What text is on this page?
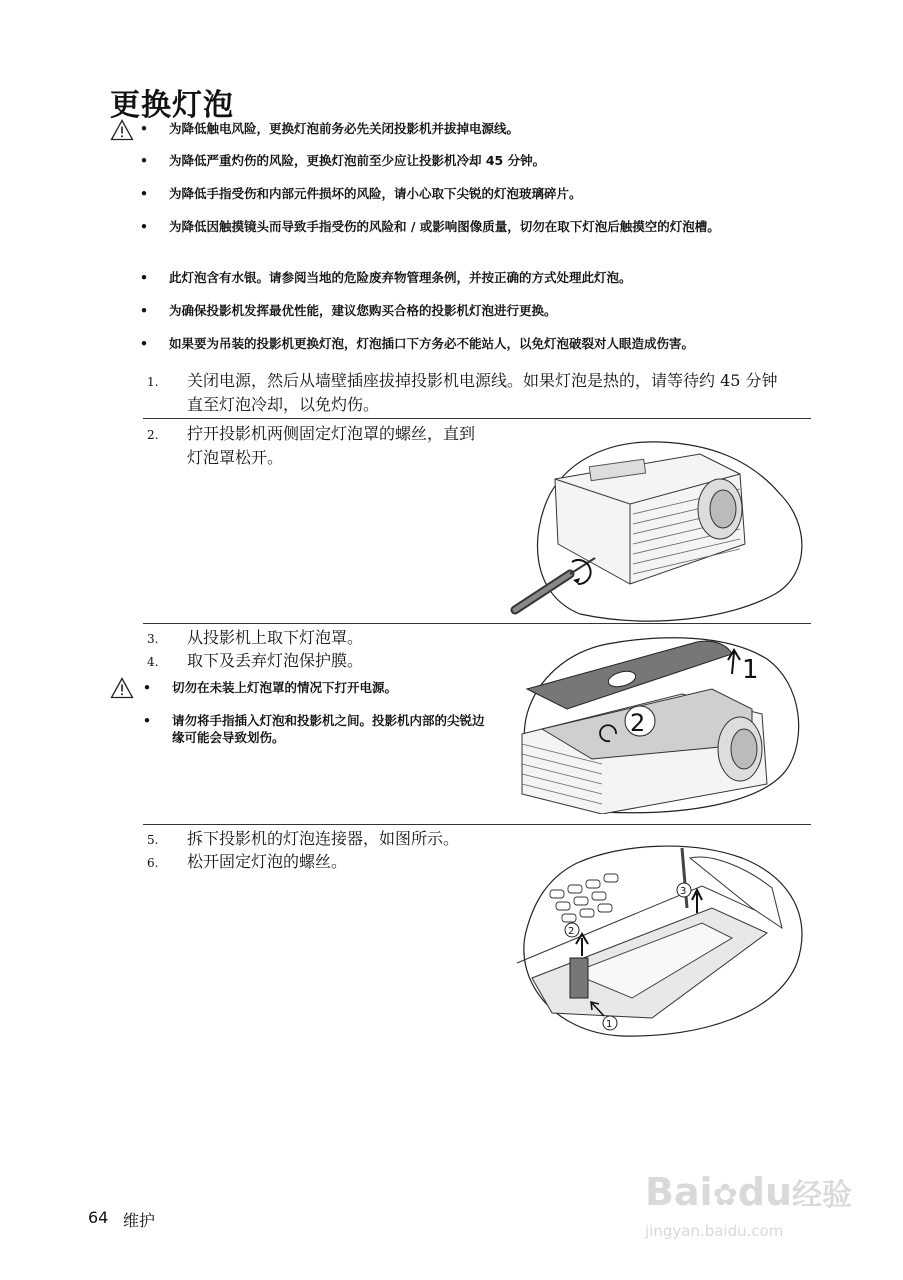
更换灯泡
• 为降低触电风险，更换灯泡前务必先关闭投影机并拔掉电源线。
• 为降低严重灼伤的风险，更换灯泡前至少应让投影机冷却 45 分钟。
• 为降低手指受伤和内部元件损坏的风险，请小心取下尖锐的灯泡玻璃碎片。
• 为降低因触摸镜头而导致手指受伤的风险和 / 或影响图像质量，切勿在取下灯泡后触摸空的灯泡槽。
• 此灯泡含有水银。请参阅当地的危险废弃物管理条例，并按正确的方式处理此灯泡。
• 为确保投影机发挥最优性能，建议您购买合格的投影机灯泡进行更换。
• 如果要为吊装的投影机更换灯泡，灯泡插口下方务必不能站人，以免灯泡破裂对人眼造成伤害。
1. 关闭电源，然后从墙壁插座拔掉投影机电源线。如果灯泡是热的，请等待约 45 分钟直至灯泡冷却，以免灼伤。
2. 拧开投影机两侧固定灯泡罩的螺丝，直到灯泡罩松开。
3. 从投影机上取下灯泡罩。
4. 取下及丢弃灯泡保护膜。
• 切勿在未装上灯泡罩的情况下打开电源。
• 请勿将手指插入灯泡和投影机之间。投影机内部的尖锐边缘可能会导致划伤。
1
2
5. 拆下投影机的灯泡连接器，如图所示。
6. 松开固定灯泡的螺丝。
3
2
1
64 维护
Bai✿du经验
jingyan.baidu.com
